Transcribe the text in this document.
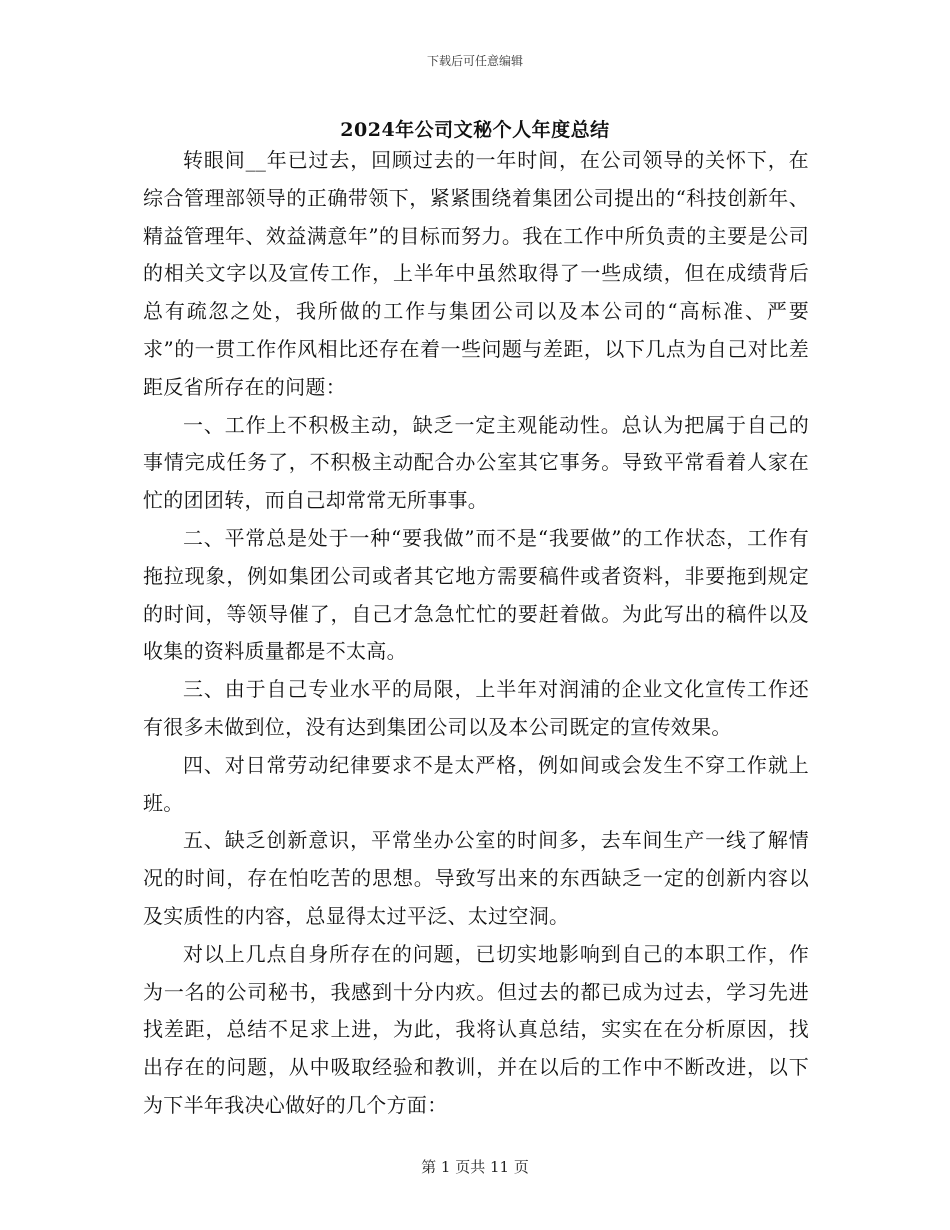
下载后可任意编辑
2024年公司文秘个人年度总结

转眼间__年已过去，回顾过去的一年时间，在公司领导的关怀下，在综合管理部领导的正确带领下，紧紧围绕着集团公司提出的“科技创新年、精益管理年、效益满意年”的目标而努力。我在工作中所负责的主要是公司的相关文字以及宣传工作，上半年中虽然取得了一些成绩，但在成绩背后总有疏忽之处，我所做的工作与集团公司以及本公司的“高标准、严要求”的一贯工作作风相比还存在着一些问题与差距，以下几点为自己对比差距反省所存在的问题：

一、工作上不积极主动，缺乏一定主观能动性。总认为把属于自己的事情完成任务了，不积极主动配合办公室其它事务。导致平常看着人家在忙的团团转，而自己却常常无所事事。

二、平常总是处于一种“要我做”而不是“我要做”的工作状态，工作有拖拉现象，例如集团公司或者其它地方需要稿件或者资料，非要拖到规定的时间，等领导催了，自己才急急忙忙的要赶着做。为此写出的稿件以及收集的资料质量都是不太高。

三、由于自己专业水平的局限，上半年对润浦的企业文化宣传工作还有很多未做到位，没有达到集团公司以及本公司既定的宣传效果。

四、对日常劳动纪律要求不是太严格，例如间或会发生不穿工作就上班。

五、缺乏创新意识，平常坐办公室的时间多，去车间生产一线了解情况的时间，存在怕吃苦的思想。导致写出来的东西缺乏一定的创新内容以及实质性的内容，总显得太过平泛、太过空洞。

对以上几点自身所存在的问题，已切实地影响到自己的本职工作，作为一名的公司秘书，我感到十分内疚。但过去的都已成为过去，学习先进找差距，总结不足求上进，为此，我将认真总结，实实在在分析原因，找出存在的问题，从中吸取经验和教训，并在以后的工作中不断改进，以下为下半年我决心做好的几个方面：

第 1 页共 11 页
